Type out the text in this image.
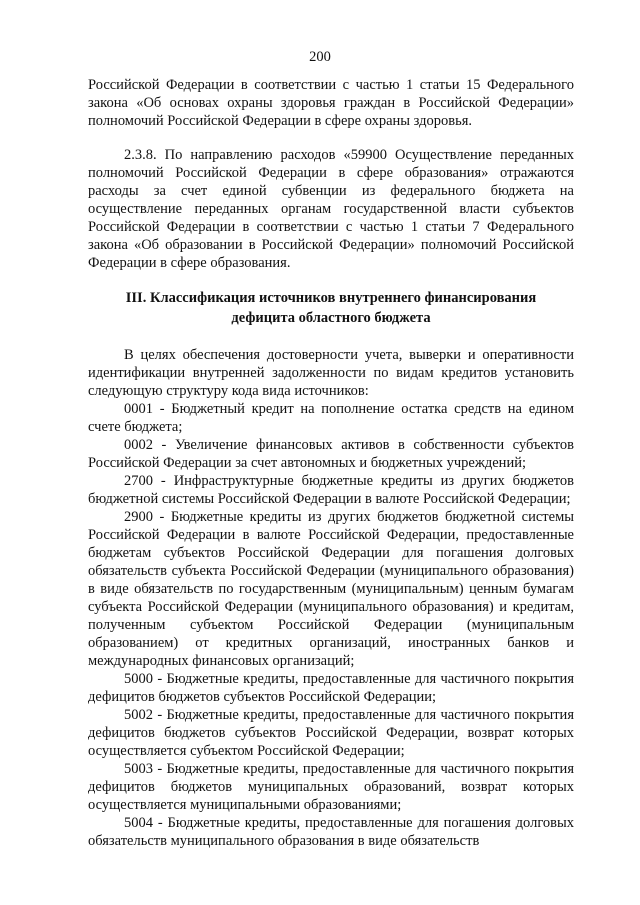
200

Российской Федерации в соответствии с частью 1 статьи 15 Федерального закона «Об основах охраны здоровья граждан в Российской Федерации» полномочий Российской Федерации в сфере охраны здоровья.

2.3.8. По направлению расходов «59900 Осуществление переданных полномочий Российской Федерации в сфере образования» отражаются расходы за счет единой субвенции из федерального бюджета на осуществление переданных органам государственной власти субъектов Российской Федерации в соответствии с частью 1 статьи 7 Федерального закона «Об образовании в Российской Федерации» полномочий Российской Федерации в сфере образования.

III. Классификация источников внутреннего финансирования
дефицита областного бюджета

В целях обеспечения достоверности учета, выверки и оперативности идентификации внутренней задолженности по видам кредитов установить следующую структуру кода вида источников:

0001 - Бюджетный кредит на пополнение остатка средств на едином счете бюджета;

0002 - Увеличение финансовых активов в собственности субъектов Российской Федерации за счет автономных и бюджетных учреждений;

2700 - Инфраструктурные бюджетные кредиты из других бюджетов бюджетной системы Российской Федерации в валюте Российской Федерации;

2900 - Бюджетные кредиты из других бюджетов бюджетной системы Российской Федерации в валюте Российской Федерации, предоставленные бюджетам субъектов Российской Федерации для погашения долговых обязательств субъекта Российской Федерации (муниципального образования) в виде обязательств по государственным (муниципальным) ценным бумагам субъекта Российской Федерации (муниципального образования) и кредитам, полученным субъектом Российской Федерации (муниципальным образованием) от кредитных организаций, иностранных банков и международных финансовых организаций;

5000 - Бюджетные кредиты, предоставленные для частичного покрытия дефицитов бюджетов субъектов Российской Федерации;

5002 - Бюджетные кредиты, предоставленные для частичного покрытия дефицитов бюджетов субъектов Российской Федерации, возврат которых осуществляется субъектом Российской Федерации;

5003 - Бюджетные кредиты, предоставленные для частичного покрытия дефицитов бюджетов муниципальных образований, возврат которых осуществляется муниципальными образованиями;

5004 - Бюджетные кредиты, предоставленные для погашения долговых обязательств муниципального образования в виде обязательств
